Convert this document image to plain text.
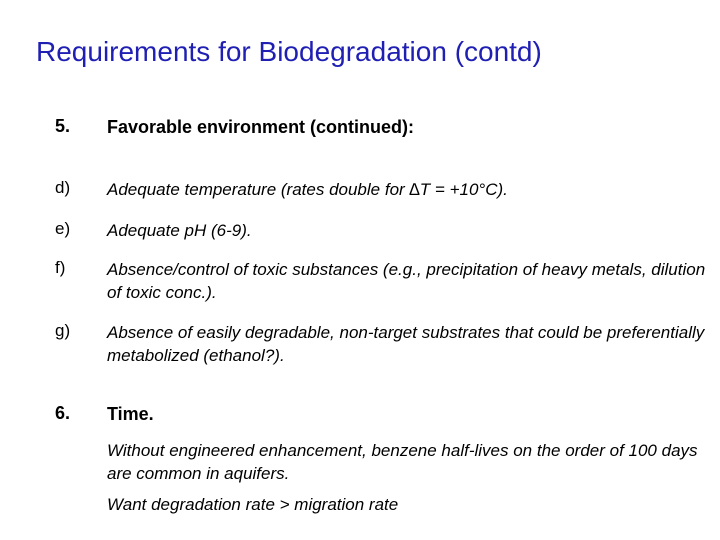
Requirements for Biodegradation (contd)
5. Favorable environment (continued):
d) Adequate temperature (rates double for ∆T = +10°C).
e) Adequate pH (6-9).
f) Absence/control of toxic substances (e.g., precipitation of heavy metals, dilution of toxic conc.).
g) Absence of easily degradable, non-target substrates that could be preferentially metabolized (ethanol?).
6. Time.
Without engineered enhancement, benzene half-lives on the order of 100 days are common in aquifers.
Want degradation rate > migration rate
